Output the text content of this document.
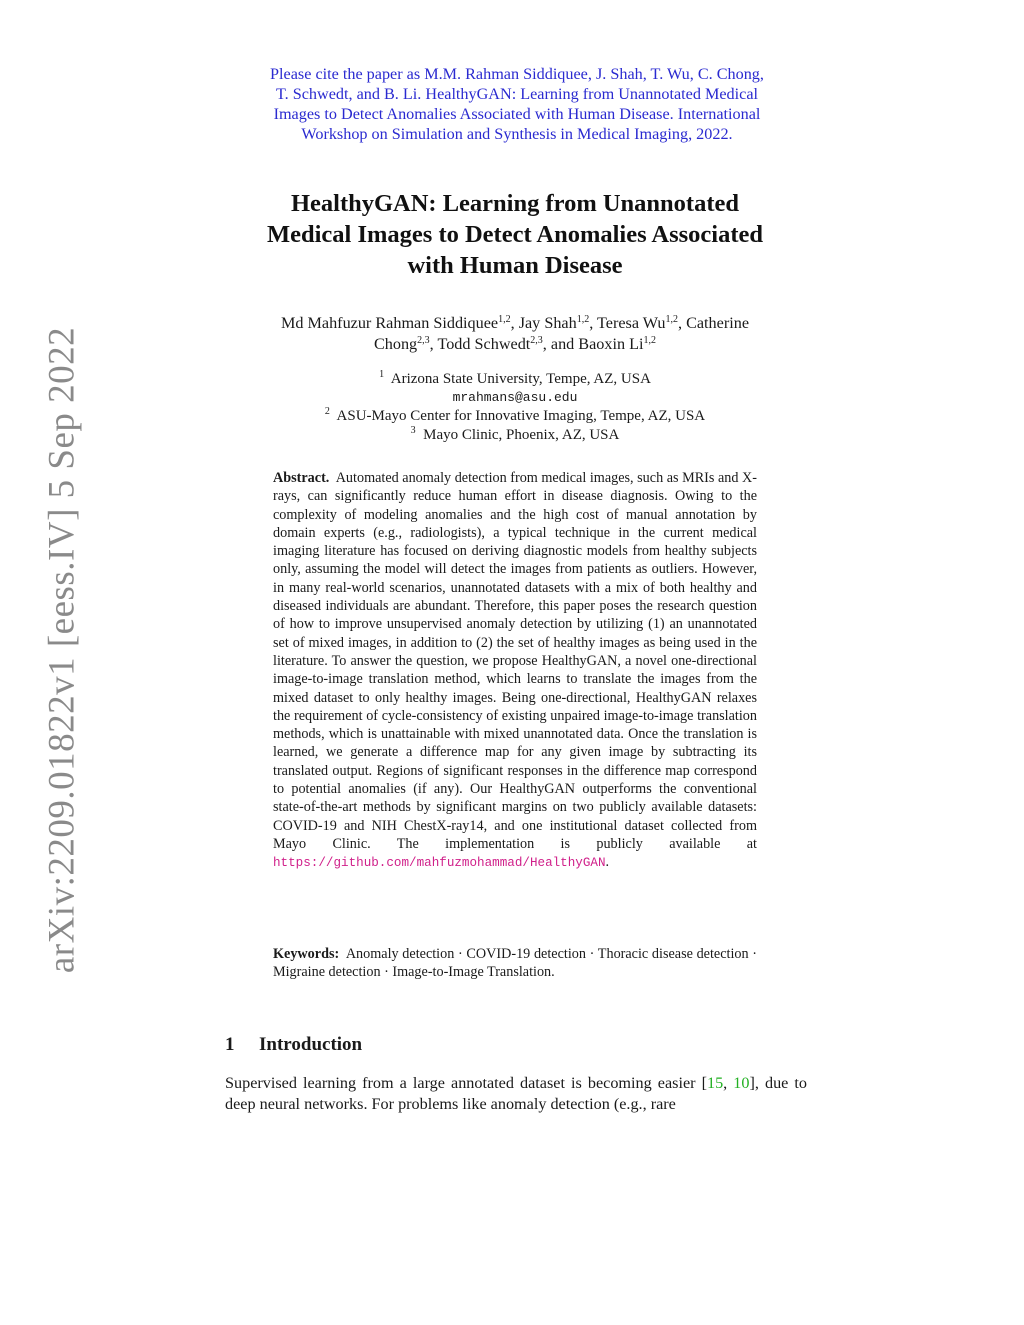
arXiv:2209.01822v1 [eess.IV] 5 Sep 2022
Please cite the paper as M.M. Rahman Siddiquee, J. Shah, T. Wu, C. Chong,
T. Schwedt, and B. Li. HealthyGAN: Learning from Unannotated Medical
Images to Detect Anomalies Associated with Human Disease. International
Workshop on Simulation and Synthesis in Medical Imaging, 2022.
HealthyGAN: Learning from Unannotated
Medical Images to Detect Anomalies Associated
with Human Disease
Md Mahfuzur Rahman Siddiquee$^{1,2}$, Jay Shah$^{1,2}$, Teresa Wu$^{1,2}$, Catherine
Chong$^{2,3}$, Todd Schwedt$^{2,3}$, and Baoxin Li$^{1,2}$
$^1$ Arizona State University, Tempe, AZ, USA
mrahmans@asu.edu
$^2$ ASU-Mayo Center for Innovative Imaging, Tempe, AZ, USA
$^3$ Mayo Clinic, Phoenix, AZ, USA
Abstract. Automated anomaly detection from medical images, such as MRIs and X-rays, can significantly reduce human effort in disease diagnosis. Owing to the complexity of modeling anomalies and the high cost of manual annotation by domain experts (e.g., radiologists), a typical technique in the current medical imaging literature has focused on deriving diagnostic models from healthy subjects only, assuming the model will detect the images from patients as outliers. However, in many real-world scenarios, unannotated datasets with a mix of both healthy and diseased individuals are abundant. Therefore, this paper poses the research question of how to improve unsupervised anomaly detection by utilizing (1) an unannotated set of mixed images, in addition to (2) the set of healthy images as being used in the literature. To answer the question, we propose HealthyGAN, a novel one-directional image-to-image translation method, which learns to translate the images from the mixed dataset to only healthy images. Being one-directional, HealthyGAN relaxes the requirement of cycle-consistency of existing unpaired image-to-image translation methods, which is unattainable with mixed unannotated data. Once the translation is learned, we generate a difference map for any given image by subtracting its translated output. Regions of significant responses in the difference map correspond to potential anomalies (if any). Our HealthyGAN outperforms the conventional state-of-the-art methods by significant margins on two publicly available datasets: COVID-19 and NIH ChestX-ray14, and one institutional dataset collected from Mayo Clinic. The implementation is publicly available at https://github.com/mahfuzmohammad/HealthyGAN.
Keywords: Anomaly detection · COVID-19 detection · Thoracic disease detection · Migraine detection · Image-to-Image Translation.
1 Introduction
Supervised learning from a large annotated dataset is becoming easier [15, 10], due to deep neural networks. For problems like anomaly detection (e.g., rare
